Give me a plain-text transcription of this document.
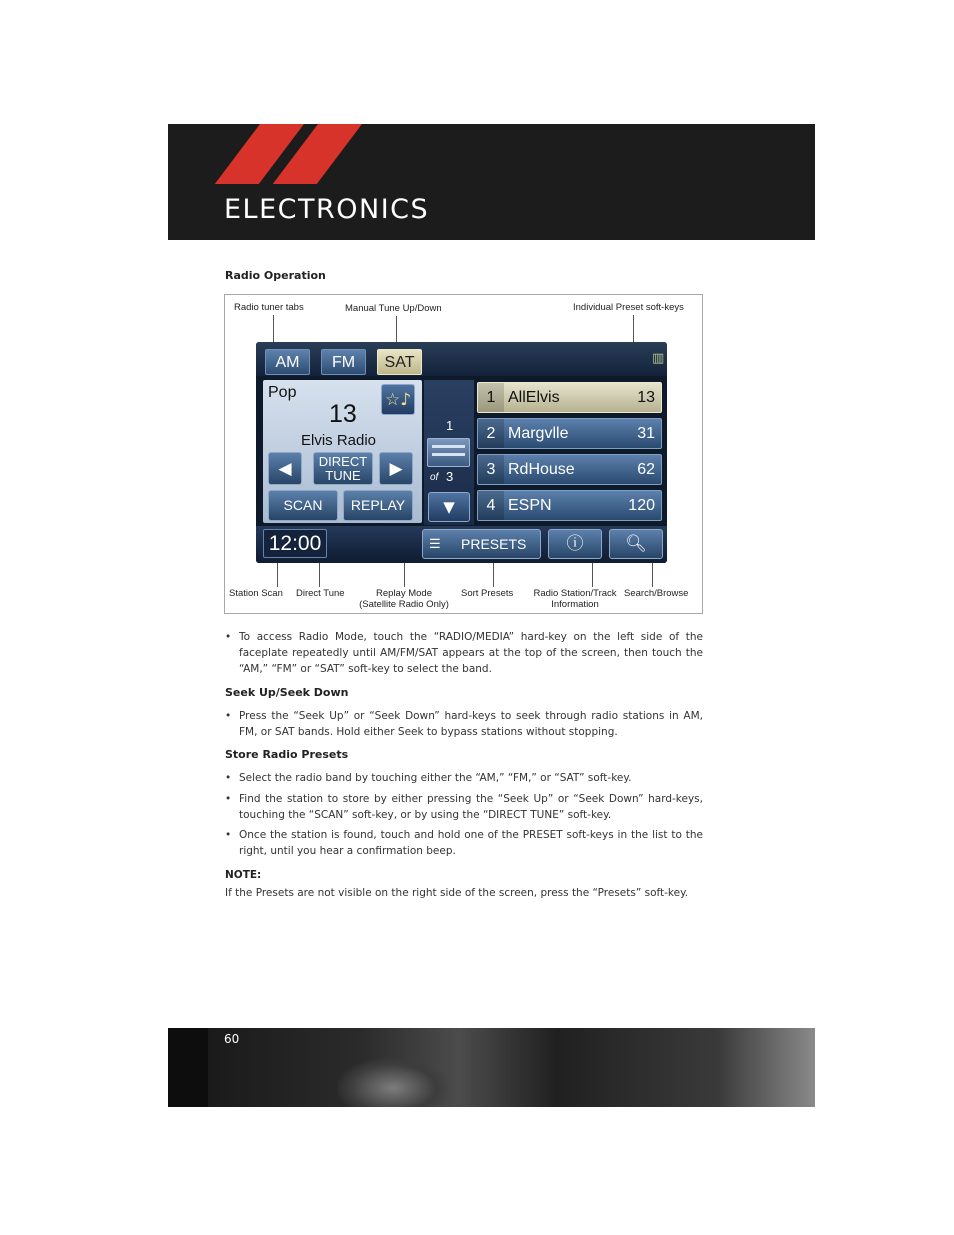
ELECTRONICS
Radio Operation
Radio tuner tabs	Manual Tune Up/Down	Individual Preset soft-keys
AM	FM	SAT	▥
Pop
13
Elvis Radio
☆♪
◀	DIRECT
TUNE	▶
SCAN	REPLAY
1
of 3
▼
1 AllElvis	13
2 Margvlle	31
3 RdHouse	62
4 ESPN	120
12:00	☰	PRESETS	ⓘ	🔍︎
Station Scan Direct Tune	Replay Mode
(Satellite Radio Only)
Sort Presets Radio Station/Track
Information
Search/Browse
• To access Radio Mode, touch the “RADIO/MEDIA” hard-key on the left side of the faceplate repeatedly until AM/FM/SAT appears at the top of the screen, then touch the “AM,” “FM” or “SAT” soft-key to select the band.
Seek Up/Seek Down
• Press the “Seek Up” or “Seek Down” hard-keys to seek through radio stations in AM, FM, or SAT bands. Hold either Seek to bypass stations without stopping.
Store Radio Presets
• Select the radio band by touching either the “AM,” “FM,” or “SAT” soft-key.
• Find the station to store by either pressing the “Seek Up” or “Seek Down” hard-keys, touching the “SCAN” soft-key, or by using the “DIRECT TUNE” soft-key.
• Once the station is found, touch and hold one of the PRESET soft-keys in the list to the right, until you hear a confirmation beep.
NOTE:
If the Presets are not visible on the right side of the screen, press the “Presets” soft-key.
60
